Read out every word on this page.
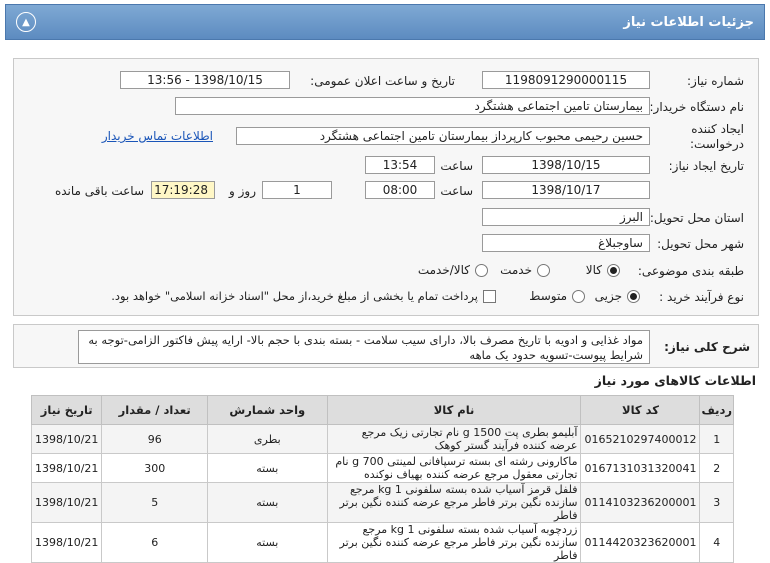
جزئیات اطلاعات نیاز
▲
شماره نیاز:
1198091290000115
تاریخ و ساعت اعلان عمومی:
1398/10/15 - 13:56
نام دستگاه خریدار:
بیمارستان تامین اجتماعی هشتگرد
ایجاد کننده
درخواست:
حسین رحیمی محبوب کارپرداز بیمارستان تامین اجتماعی هشتگرد
اطلاعات تماس خریدار
تاریخ ایجاد نیاز:
1398/10/15
ساعت
13:54
1398/10/17
ساعت
08:00
1
روز و
17:19:28
ساعت باقی مانده
استان محل تحویل:
البرز
شهر محل تحویل:
ساوجبلاغ
طبقه بندی موضوعی:
کالا
خدمت
کالا/خدمت
نوع فرآیند خرید :
جزیی
متوسط
پرداخت تمام یا بخشی از مبلغ خرید،از محل "اسناد خزانه اسلامی" خواهد بود.
شرح کلی نیاز:
مواد غذایی و ادویه با تاریخ مصرف بالا، دارای سیب سلامت - بسته بندی با حجم بالا- ارایه پیش فاکتور الزامی-توجه به شرایط پیوست-تسویه حدود یک ماهه
اطلاعات کالاهای مورد نیاز
ردیف	کد کالا	نام کالا	واحد شمارش	تعداد / مقدار	تاریخ نیاز
1	0165210297400012	آبلیمو بطری پت 1500 g نام تجارتی زیک مرجع عرضه کننده فرآیند گستر کوهک	بطری	96	1398/10/21
2	0167131031320041	ماکارونی رشته ای بسته ترسپافانی لمینتی 700 g نام تجارتی معقول مرجع عرضه کننده بهیاف نوکنده	بسته	300	1398/10/21
3	0114103236200001	فلفل قرمز آسیاب شده بسته سلفونی 1 kg مرجع سازنده نگین برتر فاطر مرجع عرضه کننده نگین برتر فاطر	بسته	5	1398/10/21
4	0114420323620001	زردچوبه آسیاب شده بسته سلفونی 1 kg مرجع سازنده نگین برتر فاطر مرجع عرضه کننده نگین برتر فاطر	بسته	6	1398/10/21
